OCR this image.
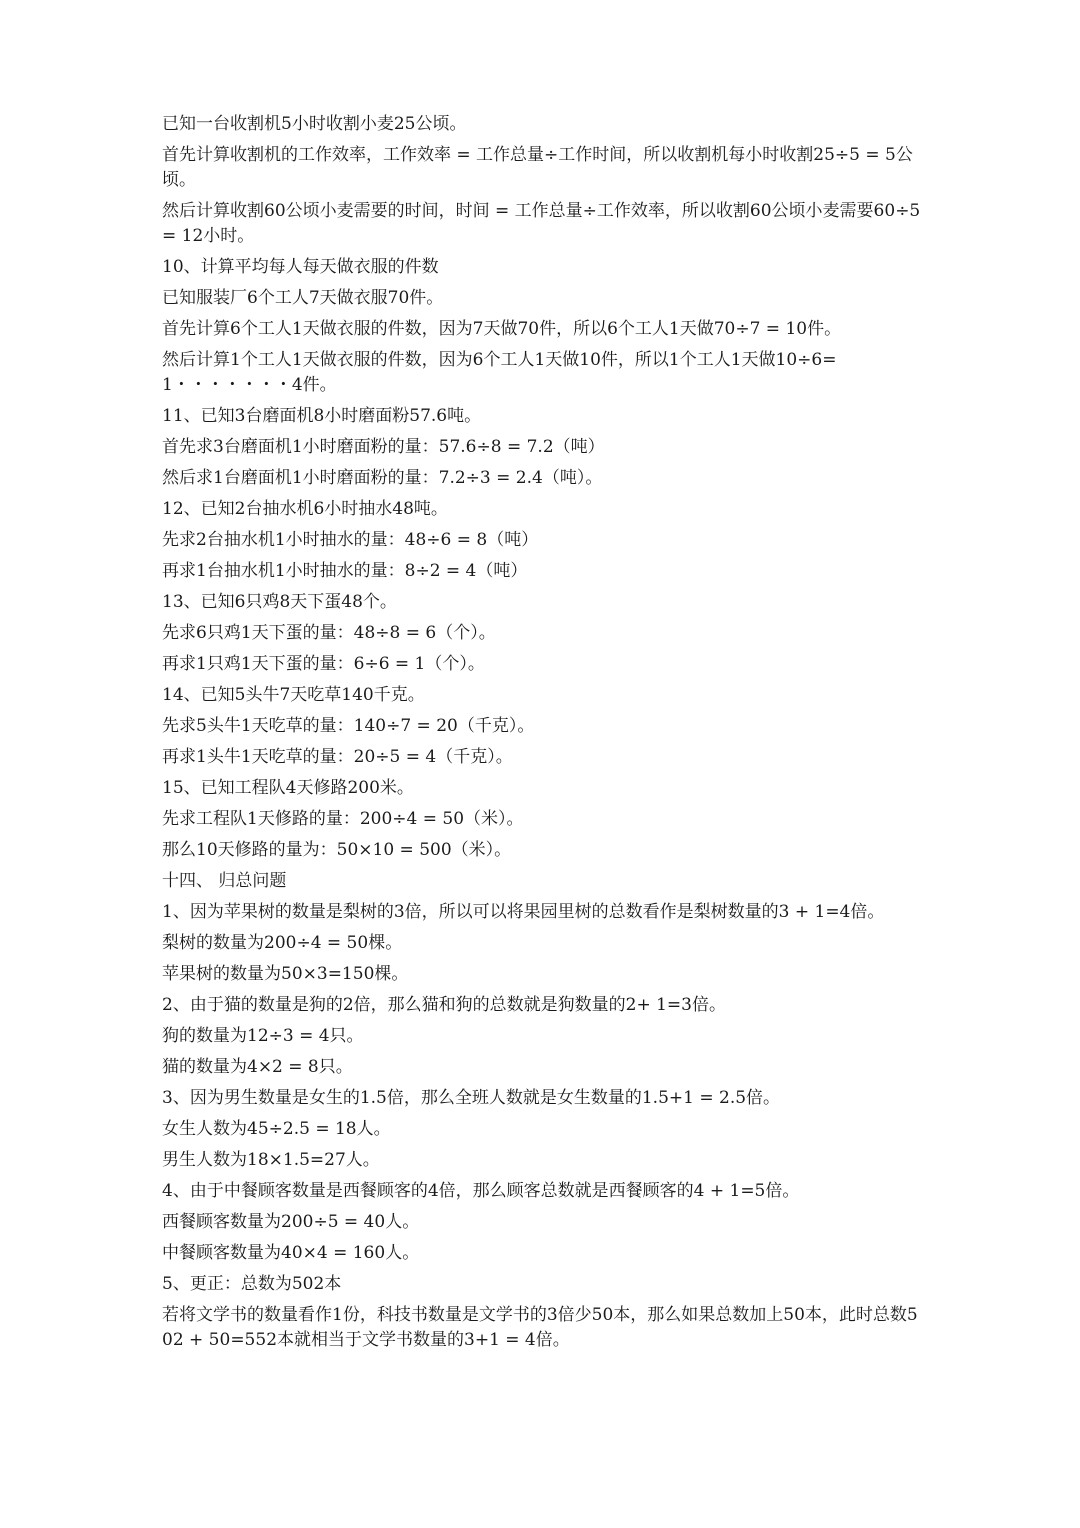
已知一台收割机5小时收割小麦25公顷。

首先计算收割机的工作效率，工作效率 = 工作总量÷工作时间，所以收割机每小时收割25÷5 = 5公顷。

然后计算收割60公顷小麦需要的时间，时间 = 工作总量÷工作效率，所以收割60公顷小麦需要60÷5 = 12小时。

10、计算平均每人每天做衣服的件数

已知服装厂6个工人7天做衣服70件。

首先计算6个工人1天做衣服的件数，因为7天做70件，所以6个工人1天做70÷7 = 10件。

然后计算1个工人1天做衣服的件数，因为6个工人1天做10件，所以1个工人1天做10÷6=1・・・・・・・4件。

11、已知3台磨面机8小时磨面粉57.6吨。

首先求3台磨面机1小时磨面粉的量：57.6÷8 = 7.2（吨）

然后求1台磨面机1小时磨面粉的量：7.2÷3 = 2.4（吨）。

12、已知2台抽水机6小时抽水48吨。

先求2台抽水机1小时抽水的量：48÷6 = 8（吨）

再求1台抽水机1小时抽水的量：8÷2 = 4（吨）

13、已知6只鸡8天下蛋48个。

先求6只鸡1天下蛋的量：48÷8 = 6（个）。

再求1只鸡1天下蛋的量：6÷6 = 1（个）。

14、已知5头牛7天吃草140千克。

先求5头牛1天吃草的量：140÷7 = 20（千克）。

再求1头牛1天吃草的量：20÷5 = 4（千克）。

15、已知工程队4天修路200米。

先求工程队1天修路的量：200÷4 = 50（米）。

那么10天修路的量为：50×10 = 500（米）。

十四、 归总问题

1、因为苹果树的数量是梨树的3倍，所以可以将果园里树的总数看作是梨树数量的3 + 1=4倍。

梨树的数量为200÷4 = 50棵。

苹果树的数量为50×3=150棵。

2、由于猫的数量是狗的2倍，那么猫和狗的总数就是狗数量的2+ 1=3倍。

狗的数量为12÷3 = 4只。

猫的数量为4×2 = 8只。

3、因为男生数量是女生的1.5倍，那么全班人数就是女生数量的1.5+1 = 2.5倍。

女生人数为45÷2.5 = 18人。

男生人数为18×1.5=27人。

4、由于中餐顾客数量是西餐顾客的4倍，那么顾客总数就是西餐顾客的4 + 1=5倍。

西餐顾客数量为200÷5 = 40人。

中餐顾客数量为40×4 = 160人。

5、更正：总数为502本

若将文学书的数量看作1份，科技书数量是文学书的3倍少50本，那么如果总数加上50本，此时总数502 + 50=552本就相当于文学书数量的3+1 = 4倍。
